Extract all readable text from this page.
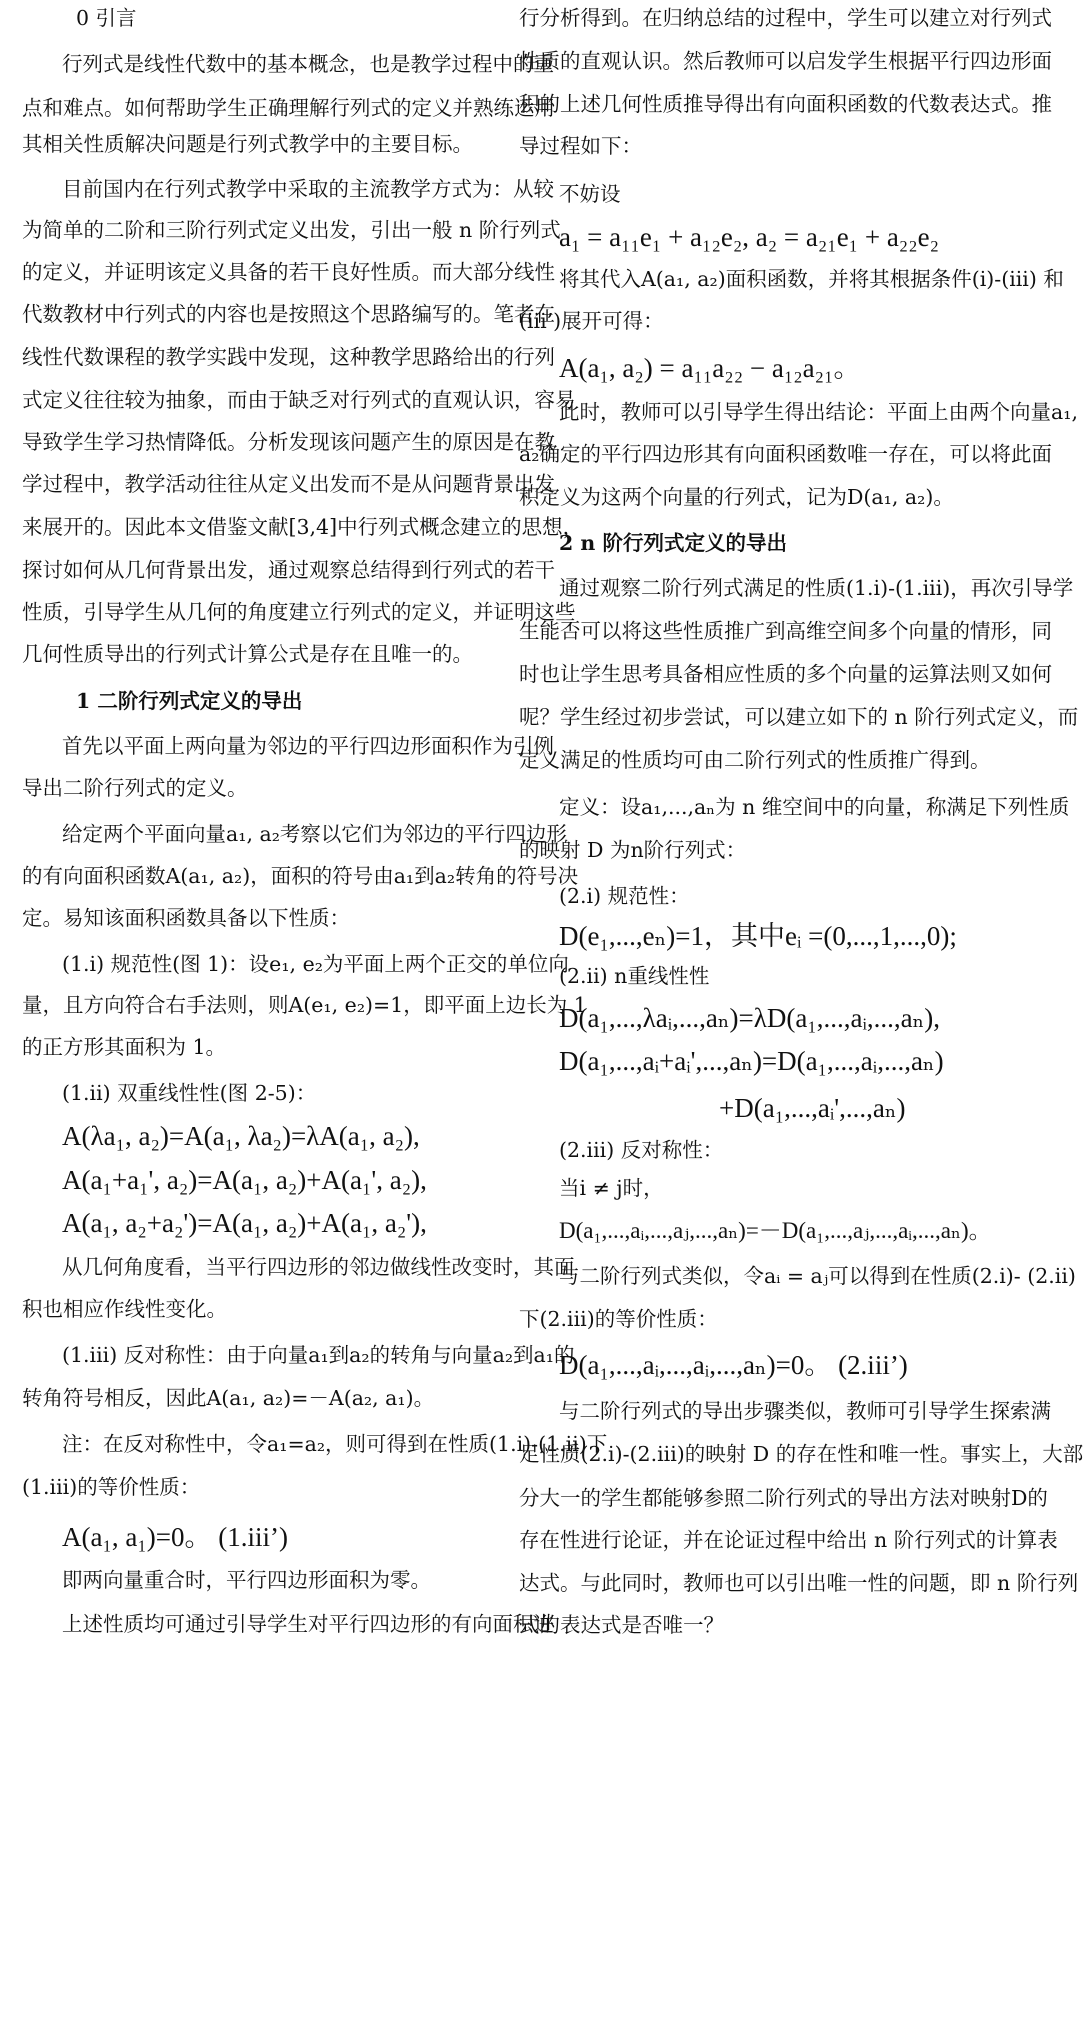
0 引言
行列式是线性代数中的基本概念，也是教学过程中的重
点和难点。如何帮助学生正确理解行列式的定义并熟练运用
其相关性质解决问题是行列式教学中的主要目标。
目前国内在行列式教学中采取的主流教学方式为：从较
为简单的二阶和三阶行列式定义出发，引出一般 n 阶行列式
的定义，并证明该定义具备的若干良好性质。而大部分线性
代数教材中行列式的内容也是按照这个思路编写的。笔者在
线性代数课程的教学实践中发现，这种教学思路给出的行列
式定义往往较为抽象，而由于缺乏对行列式的直观认识，容易
导致学生学习热情降低。分析发现该问题产生的原因是在教
学过程中，教学活动往往从定义出发而不是从问题背景出发
来展开的。因此本文借鉴文献[3,4]中行列式概念建立的思想，
探讨如何从几何背景出发，通过观察总结得到行列式的若干
性质，引导学生从几何的角度建立行列式的定义，并证明这些
几何性质导出的行列式计算公式是存在且唯一的。
1 二阶行列式定义的导出
首先以平面上两向量为邻边的平行四边形面积作为引例
导出二阶行列式的定义。
给定两个平面向量a₁, a₂考察以它们为邻边的平行四边形
的有向面积函数A(a₁, a₂)，面积的符号由a₁到a₂转角的符号决
定。易知该面积函数具备以下性质：
(1.i) 规范性(图 1)：设e₁, e₂为平面上两个正交的单位向
量，且方向符合右手法则，则A(e₁, e₂)=1，即平面上边长为 1
的正方形其面积为 1。
(1.ii) 双重线性性(图 2-5)：
A(λa₁, a₂)=A(a₁, λa₂)=λA(a₁, a₂),
A(a₁+a₁', a₂)=A(a₁, a₂)+A(a₁', a₂),
A(a₁, a₂+a₂')=A(a₁, a₂)+A(a₁, a₂'),
从几何角度看，当平行四边形的邻边做线性改变时，其面
积也相应作线性变化。
(1.iii) 反对称性：由于向量a₁到a₂的转角与向量a₂到a₁的
转角符号相反，因此A(a₁, a₂)=－A(a₂, a₁)。
注：在反对称性中，令a₁=a₂，则可得到在性质(1.i)-(1.ii)下
(1.iii)的等价性质：
A(a₁, a₁)=0。 (1.iii’)
即两向量重合时，平行四边形面积为零。
上述性质均可通过引导学生对平行四边形的有向面积进
行分析得到。在归纳总结的过程中，学生可以建立对行列式
性质的直观认识。然后教师可以启发学生根据平行四边形面
积的上述几何性质推导得出有向面积函数的代数表达式。推
导过程如下：
不妨设
a₁ = a₁₁e₁ + a₁₂e₂, a₂ = a₂₁e₁ + a₂₂e₂
将其代入A(a₁, a₂)面积函数，并将其根据条件(i)-(iii) 和
(iii’)展开可得：
A(a₁, a₂) = a₁₁a₂₂ − a₁₂a₂₁。
此时，教师可以引导学生得出结论：平面上由两个向量a₁,
a₂确定的平行四边形其有向面积函数唯一存在，可以将此面
积定义为这两个向量的行列式，记为D(a₁, a₂)。
2 n 阶行列式定义的导出
通过观察二阶行列式满足的性质(1.i)-(1.iii)，再次引导学
生能否可以将这些性质推广到高维空间多个向量的情形，同
时也让学生思考具备相应性质的多个向量的运算法则又如何
呢？学生经过初步尝试，可以建立如下的 n 阶行列式定义，而
定义满足的性质均可由二阶行列式的性质推广得到。
定义：设a₁,...,aₙ为 n 维空间中的向量，称满足下列性质
的映射 D 为n阶行列式：
(2.i) 规范性：
D(e₁,...,eₙ)=1，其中eᵢ =(0,...,1,...,0);
(2.ii) n重线性性
D(a₁,...,λaᵢ,...,aₙ)=λD(a₁,...,aᵢ,...,aₙ),
D(a₁,...,aᵢ+aᵢ',...,aₙ)=D(a₁,...,aᵢ,...,aₙ)
+D(a₁,...,aᵢ',...,aₙ)
(2.iii) 反对称性：
当i ≠ j时，
D(a₁,...,aᵢ,...,aⱼ,...,aₙ)=－D(a₁,...,aⱼ,...,aᵢ,...,aₙ)。
与二阶行列式类似，令aᵢ = aⱼ可以得到在性质(2.i)- (2.ii)
下(2.iii)的等价性质：
D(a₁,...,aᵢ,...,aᵢ,...,aₙ)=0。 (2.iii’)
与二阶行列式的导出步骤类似，教师可引导学生探索满
足性质(2.i)-(2.iii)的映射 D 的存在性和唯一性。事实上，大部
分大一的学生都能够参照二阶行列式的导出方法对映射D的
存在性进行论证，并在论证过程中给出 n 阶行列式的计算表
达式。与此同时，教师也可以引出唯一性的问题，即 n 阶行列
式的表达式是否唯一？
